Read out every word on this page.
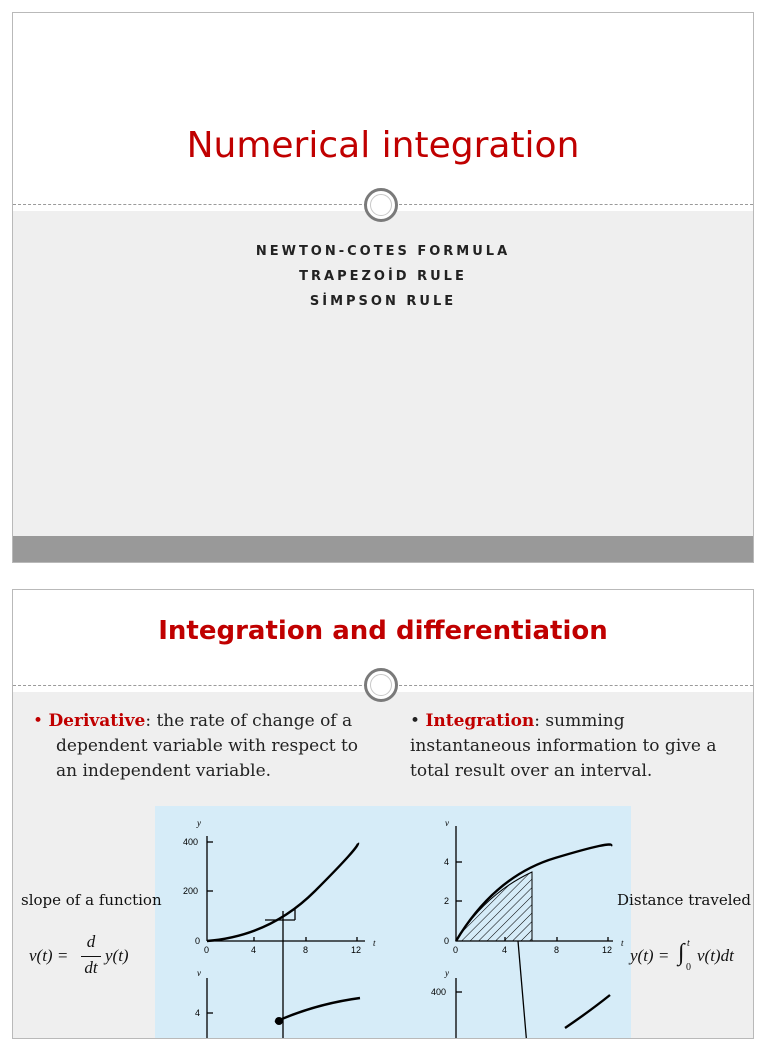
Numerical integration
NEWTON-COTES FORMULA
TRAPEZOİD RULE
SİMPSON RULE
Integration and differentiation
• Derivative: the rate of change of a
dependent variable with respect to
an independent variable.
• Integration: summing
instantaneous information to give a
total result over an interval.
y
t
400
200
0
0	4	8	12
v
4
v
t
4
2
0
0	4	8	12
y
400
slope of a function	Distance traveled
v(t) =
d
dt
y(t)	y(t) = ∫ t
0
v(t)dt
